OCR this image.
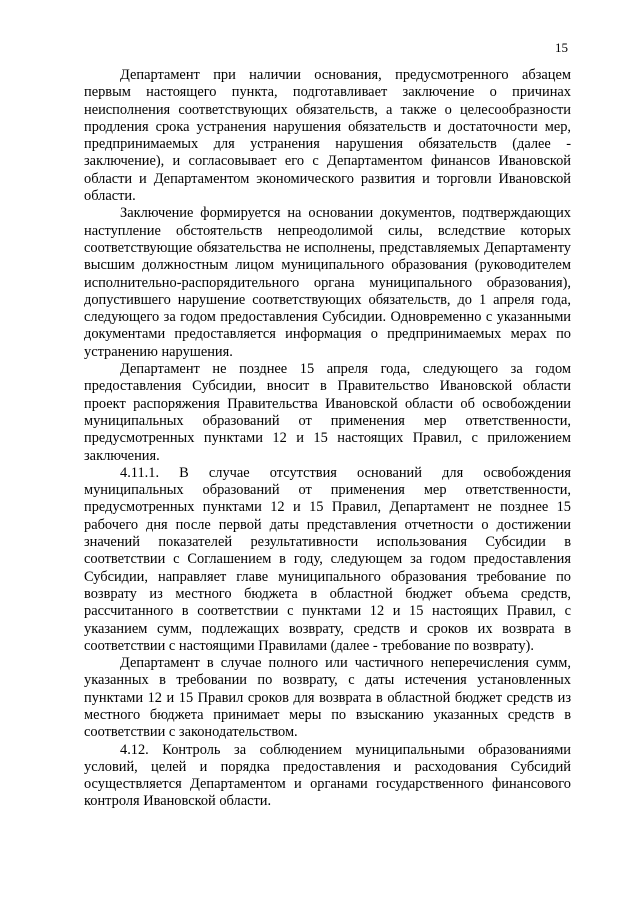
15

Департамент при наличии основания, предусмотренного абзацем первым настоящего пункта, подготавливает заключение о причинах неисполнения соответствующих обязательств, а также о целесообразности продления срока устранения нарушения обязательств и достаточности мер, предпринимаемых для устранения нарушения обязательств (далее - заключение), и согласовывает его с Департаментом финансов Ивановской области и Департаментом экономического развития и торговли Ивановской области.

Заключение формируется на основании документов, подтверждающих наступление обстоятельств непреодолимой силы, вследствие которых соответствующие обязательства не исполнены, представляемых Департаменту высшим должностным лицом муниципального образования (руководителем исполнительно-распорядительного органа муниципального образования), допустившего нарушение соответствующих обязательств, до 1 апреля года, следующего за годом предоставления Субсидии. Одновременно с указанными документами предоставляется информация о предпринимаемых мерах по устранению нарушения.

Департамент не позднее 15 апреля года, следующего за годом предоставления Субсидии, вносит в Правительство Ивановской области проект распоряжения Правительства Ивановской области об освобождении муниципальных образований от применения мер ответственности, предусмотренных пунктами 12 и 15 настоящих Правил, с приложением заключения.

4.11.1. В случае отсутствия оснований для освобождения муниципальных образований от применения мер ответственности, предусмотренных пунктами 12 и 15 Правил, Департамент не позднее 15 рабочего дня после первой даты представления отчетности о достижении значений показателей результативности использования Субсидии в соответствии с Соглашением в году, следующем за годом предоставления Субсидии, направляет главе муниципального образования требование по возврату из местного бюджета в областной бюджет объема средств, рассчитанного в соответствии с пунктами 12 и 15 настоящих Правил, с указанием сумм, подлежащих возврату, средств и сроков их возврата в соответствии с настоящими Правилами (далее - требование по возврату).

Департамент в случае полного или частичного неперечисления сумм, указанных в требовании по возврату, с даты истечения установленных пунктами 12 и 15 Правил сроков для возврата в областной бюджет средств из местного бюджета принимает меры по взысканию указанных средств в соответствии с законодательством.

4.12. Контроль за соблюдением муниципальными образованиями условий, целей и порядка предоставления и расходования Субсидий осуществляется Департаментом и органами государственного финансового контроля Ивановской области.
